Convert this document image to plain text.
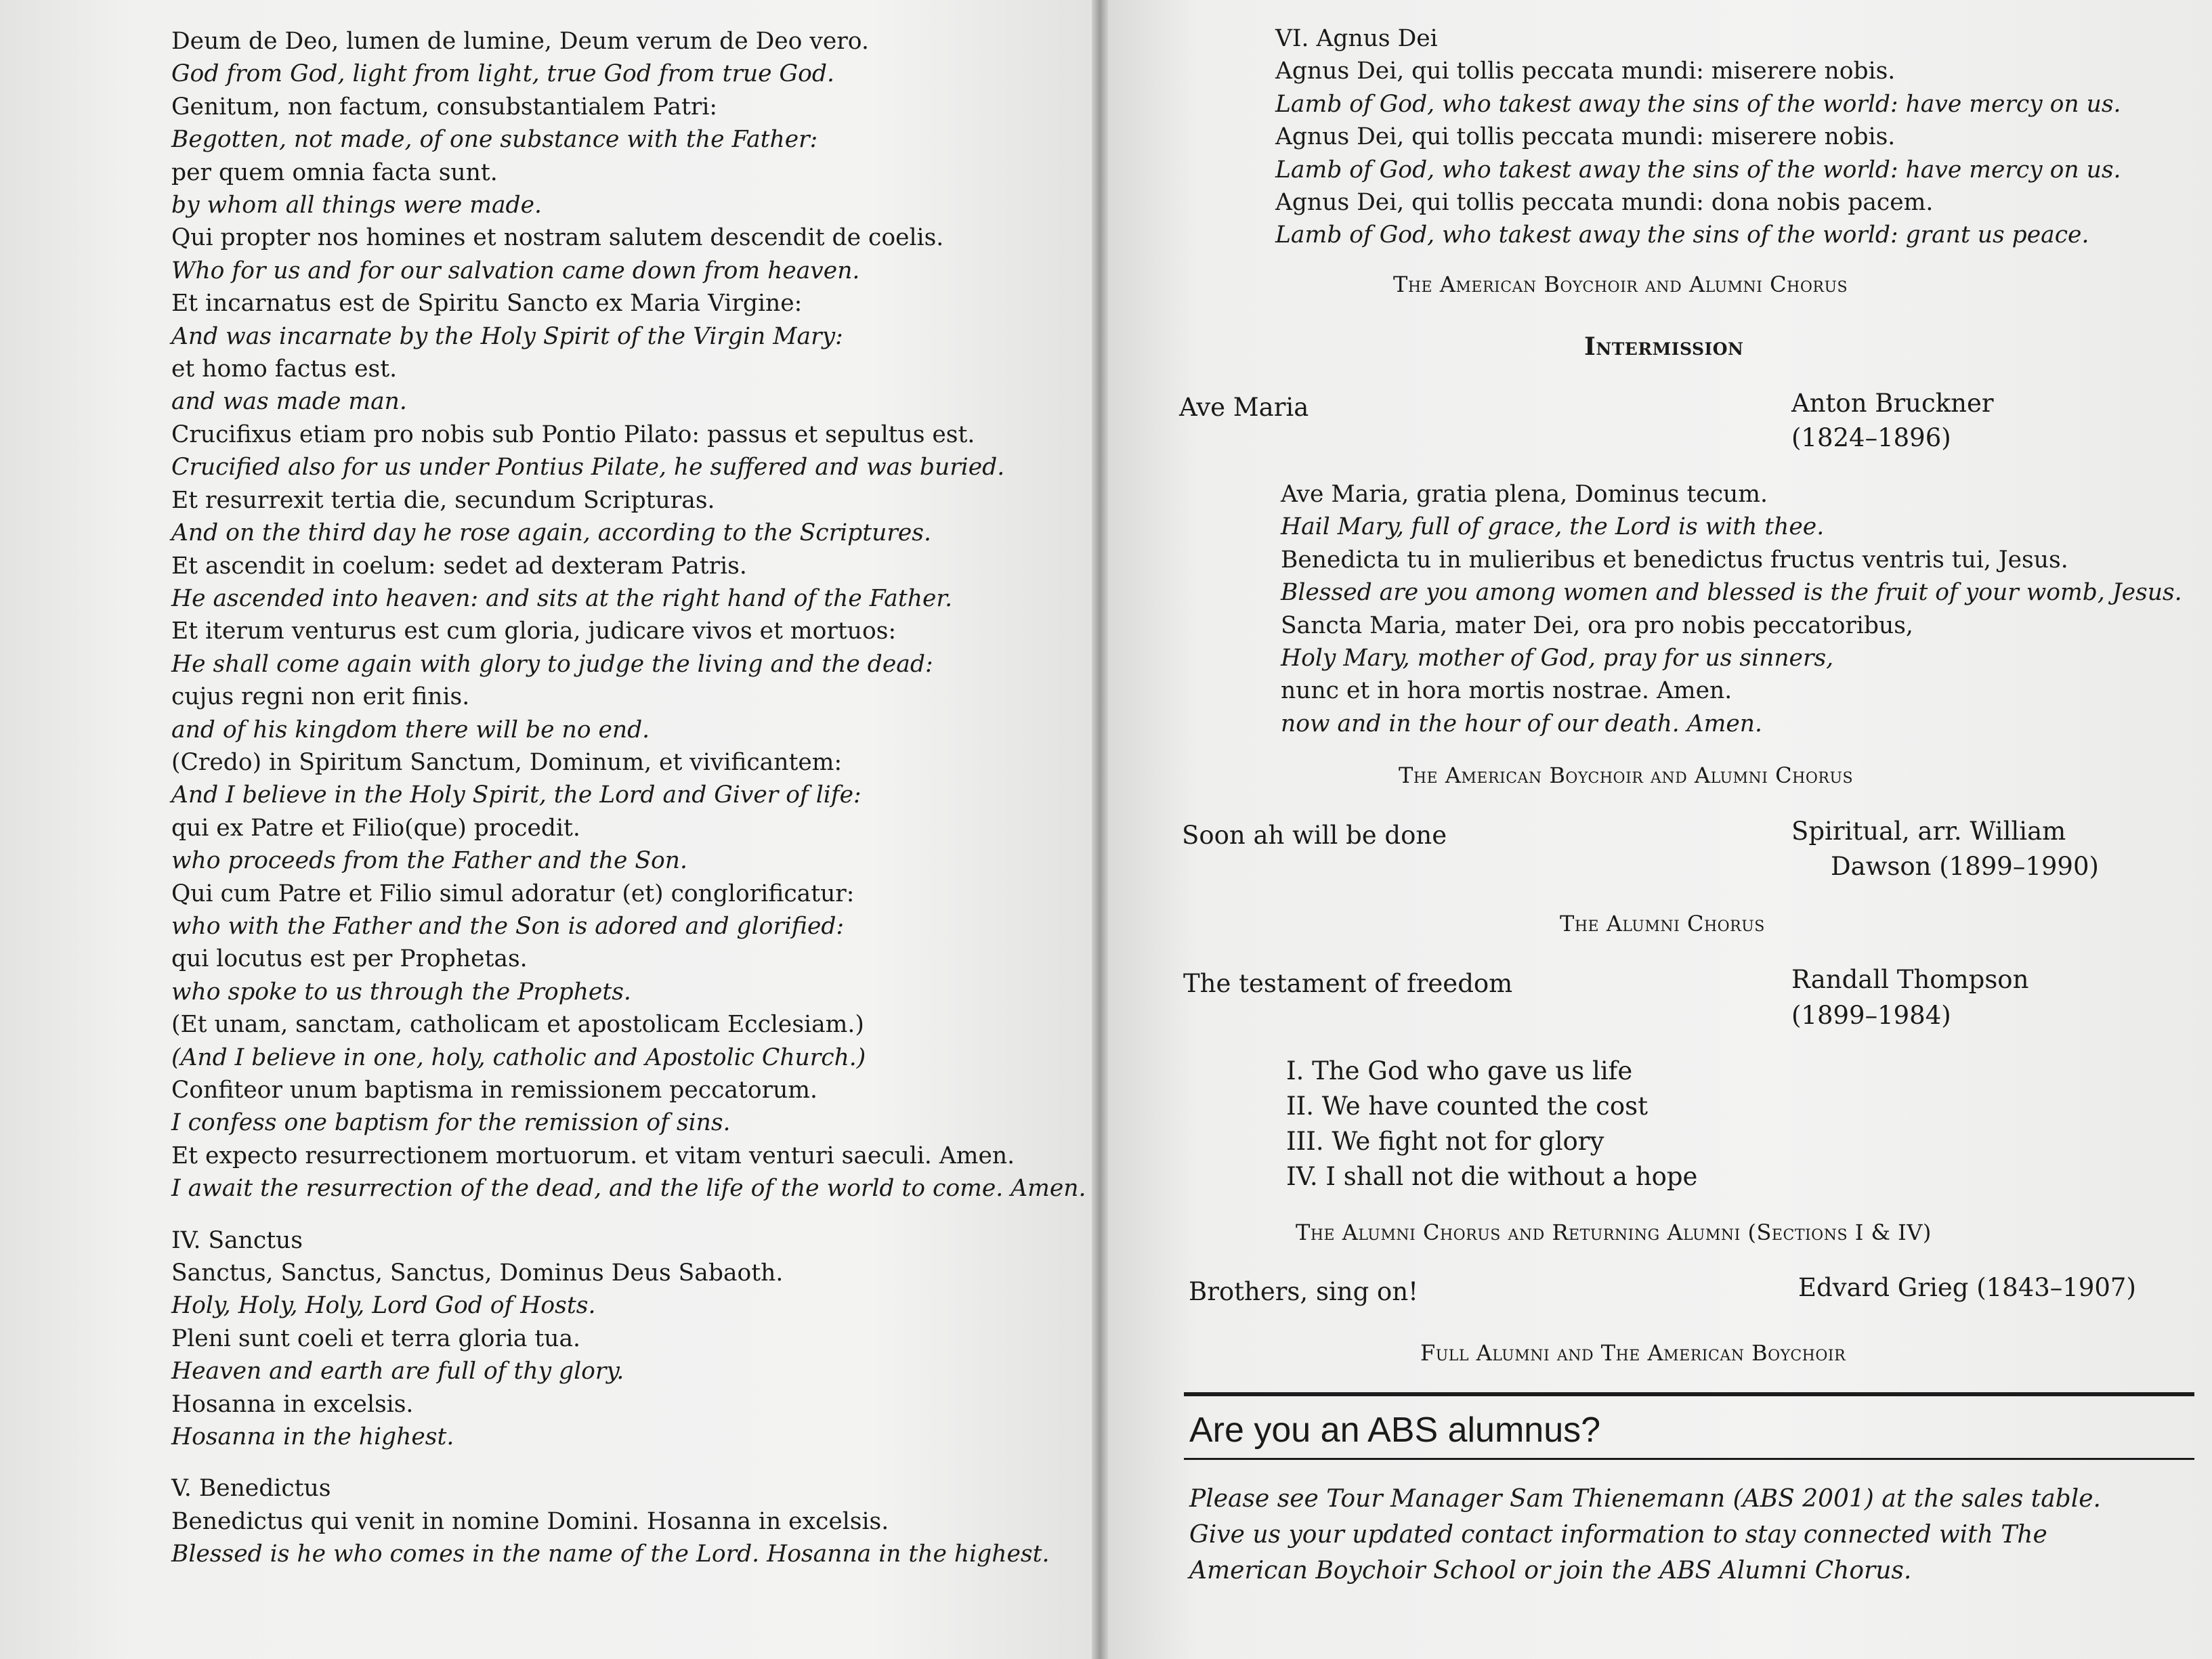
Deum de Deo, lumen de lumine, Deum verum de Deo vero.
God from God, light from light, true God from true God.
Genitum, non factum, consubstantialem Patri:
Begotten, not made, of one substance with the Father:
per quem omnia facta sunt.
by whom all things were made.
Qui propter nos homines et nostram salutem descendit de coelis.
Who for us and for our salvation came down from heaven.
Et incarnatus est de Spiritu Sancto ex Maria Virgine:
And was incarnate by the Holy Spirit of the Virgin Mary:
et homo factus est.
and was made man.
Crucifixus etiam pro nobis sub Pontio Pilato: passus et sepultus est.
Crucified also for us under Pontius Pilate, he suffered and was buried.
Et resurrexit tertia die, secundum Scripturas.
And on the third day he rose again, according to the Scriptures.
Et ascendit in coelum: sedet ad dexteram Patris.
He ascended into heaven: and sits at the right hand of the Father.
Et iterum venturus est cum gloria, judicare vivos et mortuos:
He shall come again with glory to judge the living and the dead:
cujus regni non erit finis.
and of his kingdom there will be no end.
(Credo) in Spiritum Sanctum, Dominum, et vivificantem:
And I believe in the Holy Spirit, the Lord and Giver of life:
qui ex Patre et Filio(que) procedit.
who proceeds from the Father and the Son.
Qui cum Patre et Filio simul adoratur (et) conglorificatur:
who with the Father and the Son is adored and glorified:
qui locutus est per Prophetas.
who spoke to us through the Prophets.
(Et unam, sanctam, catholicam et apostolicam Ecclesiam.)
(And I believe in one, holy, catholic and Apostolic Church.)
Confiteor unum baptisma in remissionem peccatorum.
I confess one baptism for the remission of sins.
Et expecto resurrectionem mortuorum. et vitam venturi saeculi. Amen.
I await the resurrection of the dead, and the life of the world to come. Amen.
IV. Sanctus
Sanctus, Sanctus, Sanctus, Dominus Deus Sabaoth.
Holy, Holy, Holy, Lord God of Hosts.
Pleni sunt coeli et terra gloria tua.
Heaven and earth are full of thy glory.
Hosanna in excelsis.
Hosanna in the highest.
V. Benedictus
Benedictus qui venit in nomine Domini. Hosanna in excelsis.
Blessed is he who comes in the name of the Lord. Hosanna in the highest.
VI. Agnus Dei
Agnus Dei, qui tollis peccata mundi: miserere nobis.
Lamb of God, who takest away the sins of the world: have mercy on us.
Agnus Dei, qui tollis peccata mundi: miserere nobis.
Lamb of God, who takest away the sins of the world: have mercy on us.
Agnus Dei, qui tollis peccata mundi: dona nobis pacem.
Lamb of God, who takest away the sins of the world: grant us peace.
The American Boychoir and Alumni Chorus
Intermission
Ave Maria	Anton Bruckner
(1824–1896)
Ave Maria, gratia plena, Dominus tecum.
Hail Mary, full of grace, the Lord is with thee.
Benedicta tu in mulieribus et benedictus fructus ventris tui, Jesus.
Blessed are you among women and blessed is the fruit of your womb, Jesus.
Sancta Maria, mater Dei, ora pro nobis peccatoribus,
Holy Mary, mother of God, pray for us sinners,
nunc et in hora mortis nostrae. Amen.
now and in the hour of our death. Amen.
The American Boychoir and Alumni Chorus
Soon ah will be done	Spiritual, arr. William
Dawson (1899–1990)
The Alumni Chorus
The testament of freedom	Randall Thompson
(1899–1984)
I. The God who gave us life
II. We have counted the cost
III. We fight not for glory
IV. I shall not die without a hope
The Alumni Chorus and Returning Alumni (Sections I & IV)
Brothers, sing on!	Edvard Grieg (1843–1907)
Full Alumni and The American Boychoir
Are you an ABS alumnus?
Please see Tour Manager Sam Thienemann (ABS 2001) at the sales table.
Give us your updated contact information to stay connected with The
American Boychoir School or join the ABS Alumni Chorus.
